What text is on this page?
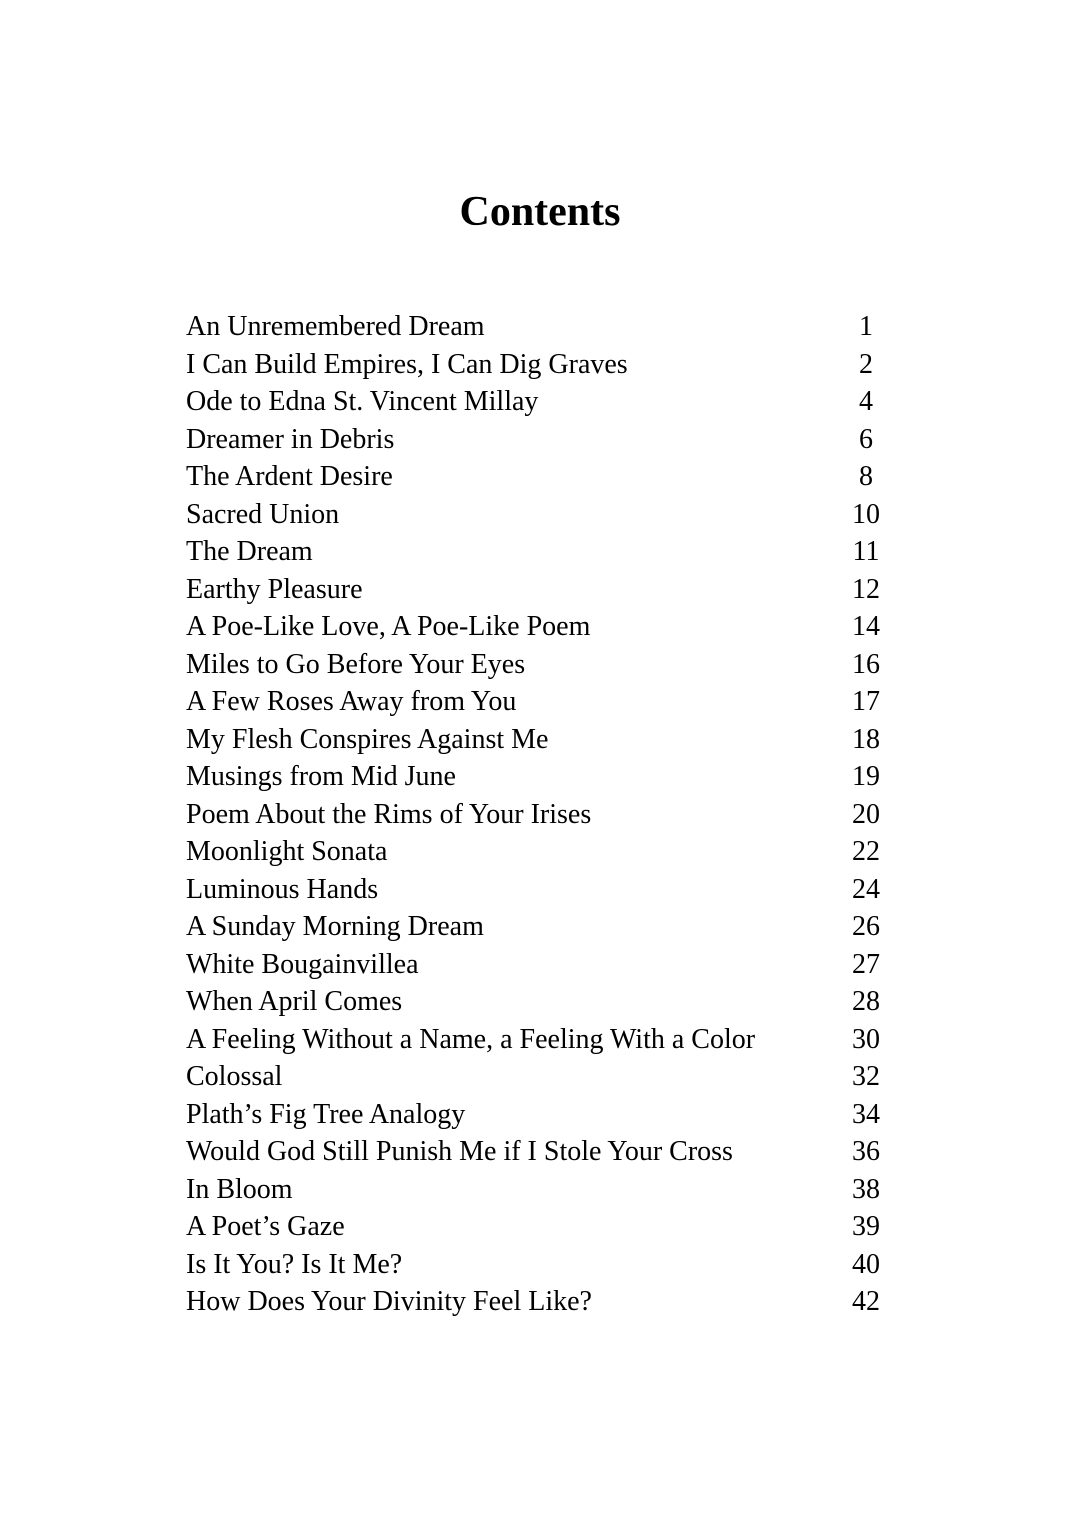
Contents
An Unremembered Dream	1
I Can Build Empires, I Can Dig Graves	2
Ode to Edna St. Vincent Millay	4
Dreamer in Debris	6
The Ardent Desire	8
Sacred Union	10
The Dream	11
Earthy Pleasure	12
A Poe-Like Love, A Poe-Like Poem	14
Miles to Go Before Your Eyes	16
A Few Roses Away from You	17
My Flesh Conspires Against Me	18
Musings from Mid June	19
Poem About the Rims of Your Irises	20
Moonlight Sonata	22
Luminous Hands	24
A Sunday Morning Dream	26
White Bougainvillea	27
When April Comes	28
A Feeling Without a Name, a Feeling With a Color	30
Colossal	32
Plath’s Fig Tree Analogy	34
Would God Still Punish Me if I Stole Your Cross	36
In Bloom	38
A Poet’s Gaze	39
Is It You? Is It Me?	40
How Does Your Divinity Feel Like?	42
